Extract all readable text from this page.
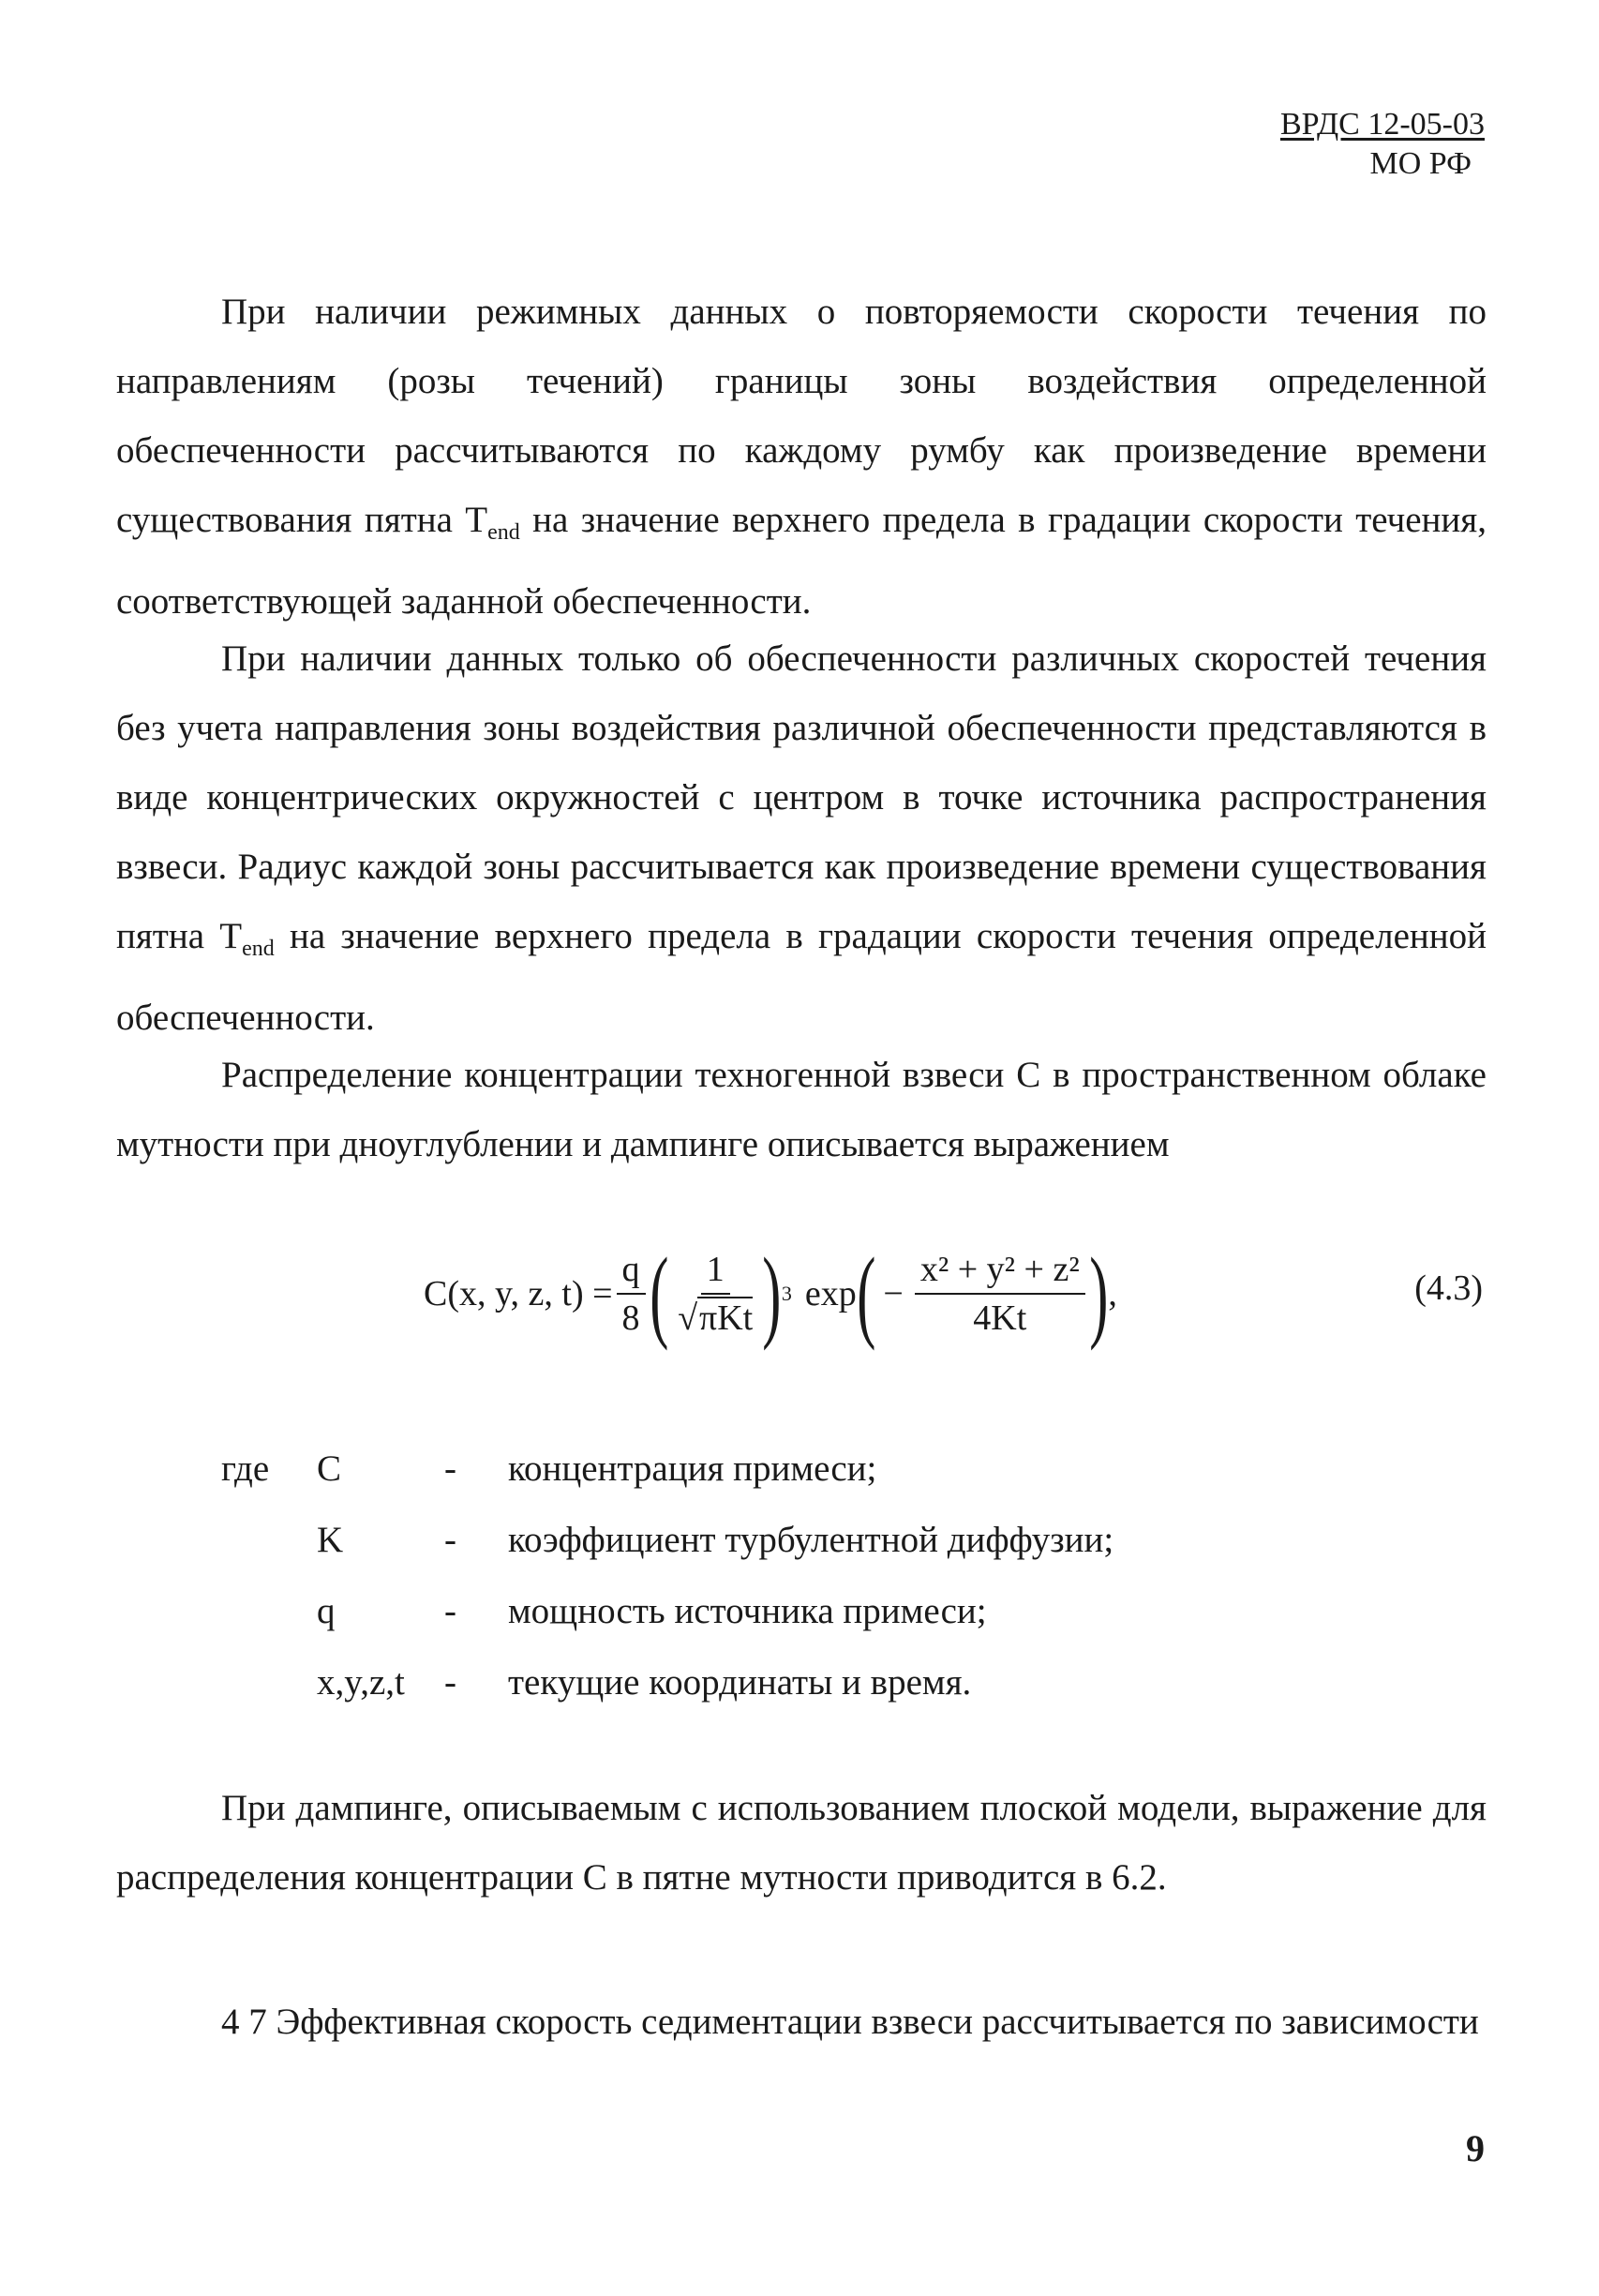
ВРДС 12-05-03
МО РФ

При наличии режимных данных о повторяемости скорости течения по направлениям (розы течений) границы зоны воздействия определенной обеспеченности рассчитываются по каждому румбу как произведение времени существования пятна $T_{end}$ на значение верхнего предела в градации скорости течения, соответствующей заданной обеспеченности.

При наличии данных только об обеспеченности различных скоростей течения без учета направления зоны воздействия различной обеспеченности представляются в виде концентрических окружностей с центром в точке источника распространения взвеси. Радиус каждой зоны рассчитывается как произведение времени существования пятна $T_{end}$ на значение верхнего предела в градации скорости течения определенной обеспеченности.

Распределение концентрации техногенной взвеси C в пространственном облаке мутности при дноуглублении и дампинге описывается выражением

C(x, y, z, $t) = \frac{q}{8}$ ( $\frac{1}{\text{√πKt}}$ ) 3 exp ( − $\frac{\text{x² + y² + z²}}{4Kt}$ ) ,	(4.3)
где	C	-	концентрация примеси;
K	-	коэффициент турбулентной диффузии;
q	-	мощность источника примеси;
x,y,z,t	-	текущие координаты и время.

При дампинге, описываемым с использованием плоской модели, выражение для распределения концентрации C в пятне мутности приводится в 6.2.

4 7 Эффективная скорость седиментации взвеси рассчитывается по зависимости

9
